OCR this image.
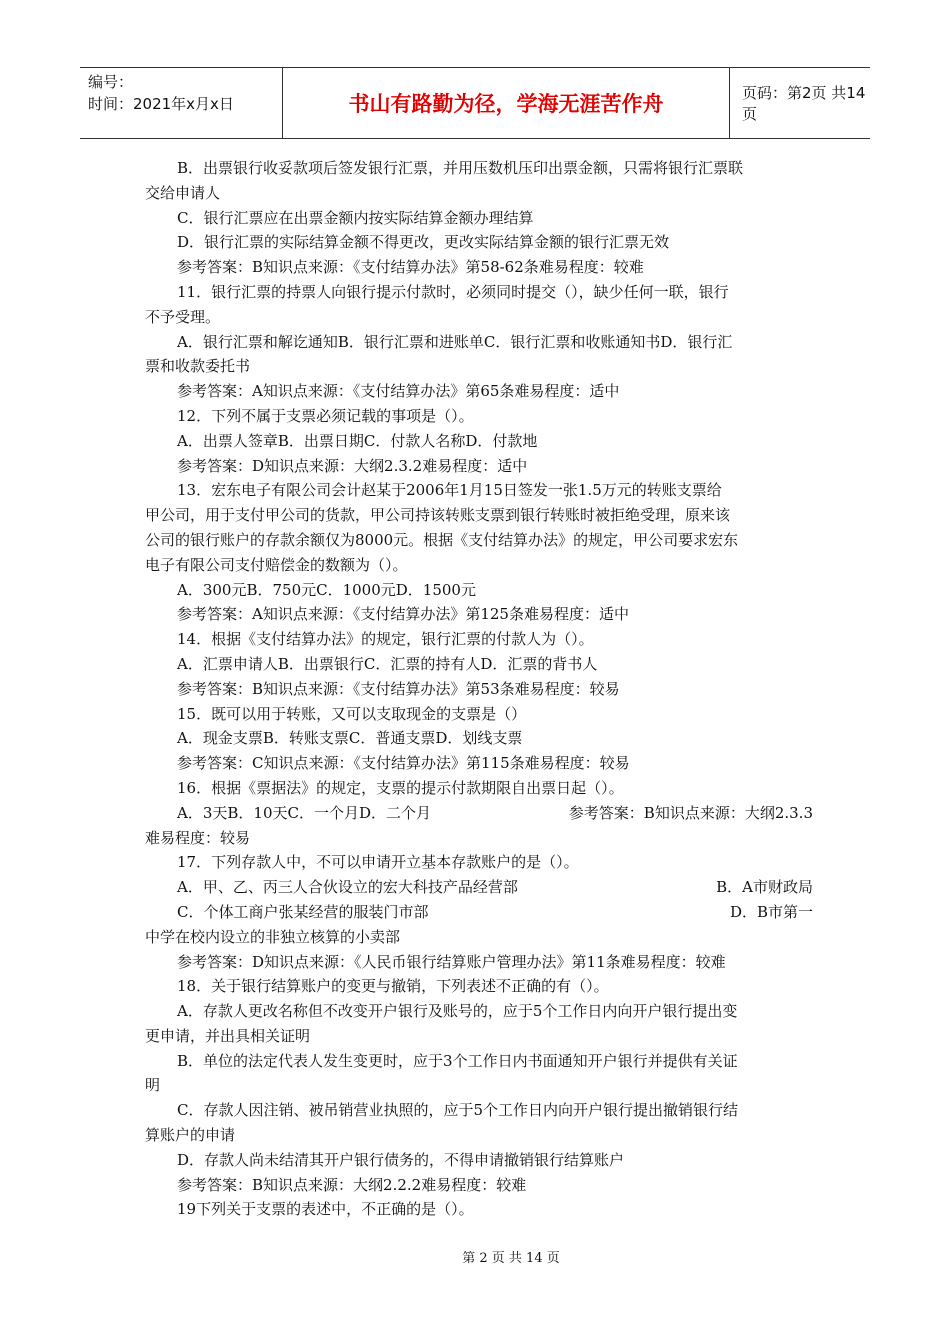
编号：
时间：2021年x月x日	书山有路勤为径，学海无涯苦作舟	页码：第2页 共14页
B．出票银行收妥款项后签发银行汇票，并用压数机压印出票金额，只需将银行汇票联
交给申请人
C．银行汇票应在出票金额内按实际结算金额办理结算
D．银行汇票的实际结算金额不得更改，更改实际结算金额的银行汇票无效
参考答案：B知识点来源：《支付结算办法》第58-62条难易程度：较难
11．银行汇票的持票人向银行提示付款时，必须同时提交（），缺少任何一联，银行
不予受理。
A．银行汇票和解讫通知B．银行汇票和进账单C．银行汇票和收账通知书D．银行汇
票和收款委托书
参考答案：A知识点来源：《支付结算办法》第65条难易程度：适中
12．下列不属于支票必须记载的事项是（）。
A．出票人签章B．出票日期C．付款人名称D．付款地
参考答案：D知识点来源：大纲2.3.2难易程度：适中
13．宏东电子有限公司会计赵某于2006年1月15日签发一张1.5万元的转账支票给
甲公司，用于支付甲公司的货款，甲公司持该转账支票到银行转账时被拒绝受理，原来该
公司的银行账户的存款余额仅为8000元。根据《支付结算办法》的规定，甲公司要求宏东
电子有限公司支付赔偿金的数额为（）。
A．300元B．750元C．1000元D．1500元
参考答案：A知识点来源：《支付结算办法》第125条难易程度：适中
14．根据《支付结算办法》的规定，银行汇票的付款人为（）。
A．汇票申请人B．出票银行C．汇票的持有人D．汇票的背书人
参考答案：B知识点来源：《支付结算办法》第53条难易程度：较易
15．既可以用于转账，又可以支取现金的支票是（）
A．现金支票B．转账支票C．普通支票D．划线支票
参考答案：C知识点来源：《支付结算办法》第115条难易程度：较易
16．根据《票据法》的规定，支票的提示付款期限自出票日起（）。
A．3天B．10天C．一个月D．二个月	参考答案：B知识点来源：大纲2.3.3
难易程度：较易
17．下列存款人中，不可以申请开立基本存款账户的是（）。
A．甲、乙、丙三人合伙设立的宏大科技产品经营部	B．A市财政局
C．个体工商户张某经营的服装门市部	D．B市第一
中学在校内设立的非独立核算的小卖部
参考答案：D知识点来源：《人民币银行结算账户管理办法》第11条难易程度：较难
18．关于银行结算账户的变更与撤销，下列表述不正确的有（）。
A．存款人更改名称但不改变开户银行及账号的，应于5个工作日内向开户银行提出变
更申请，并出具相关证明
B．单位的法定代表人发生变更时，应于3个工作日内书面通知开户银行并提供有关证
明
C．存款人因注销、被吊销营业执照的，应于5个工作日内向开户银行提出撤销银行结
算账户的申请
D．存款人尚未结清其开户银行债务的，不得申请撤销银行结算账户
参考答案：B知识点来源：大纲2.2.2难易程度：较难
19下列关于支票的表述中，不正确的是（）。
第 2 页 共 14 页
